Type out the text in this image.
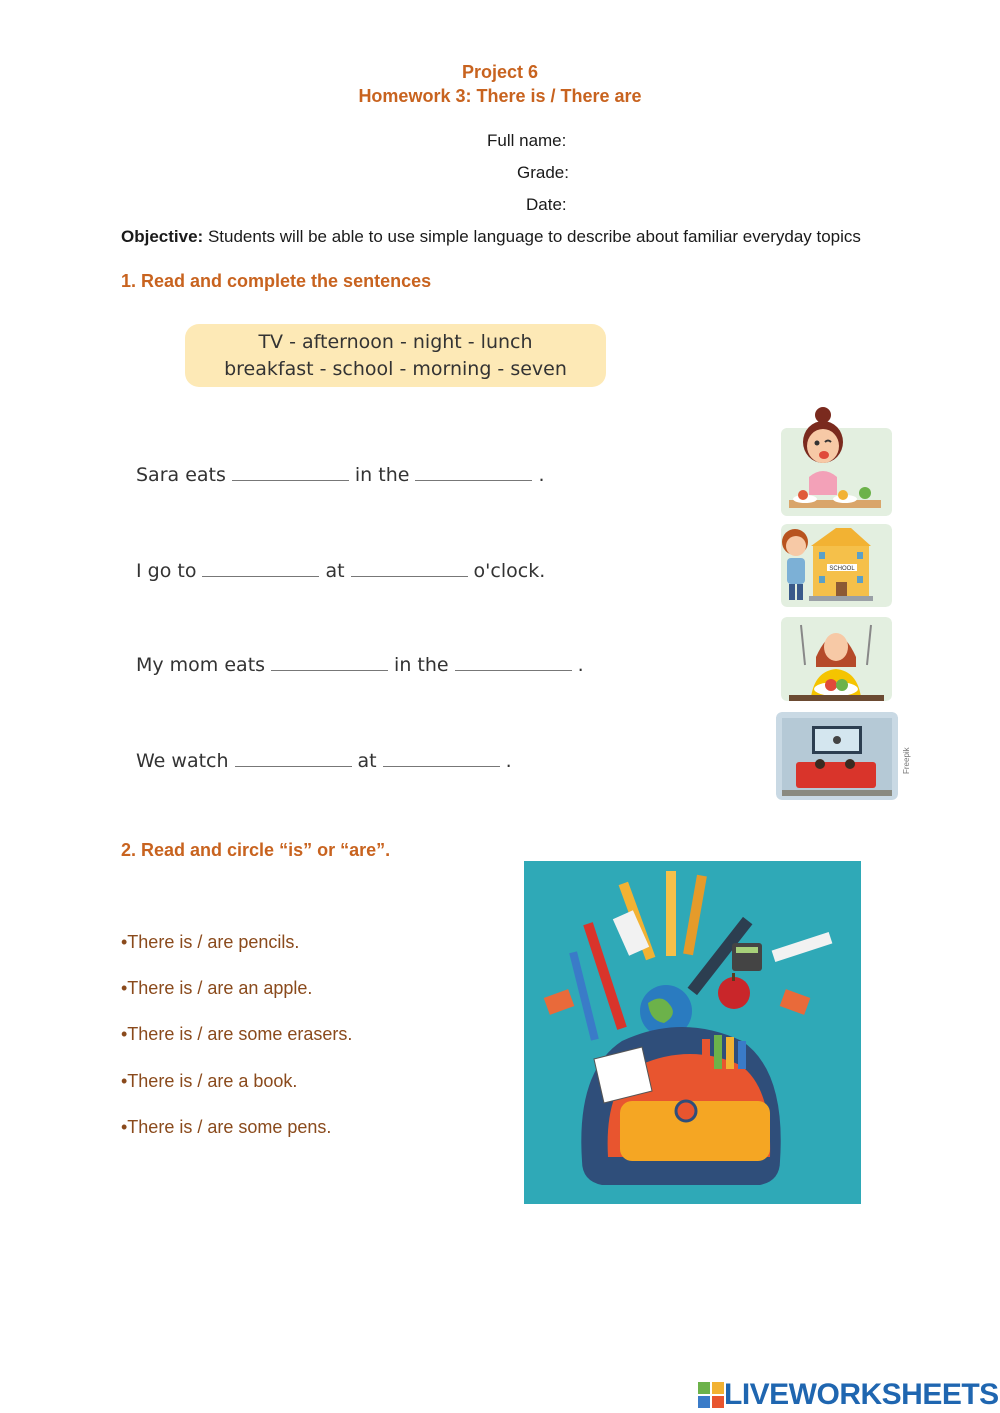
Project 6
Homework 3: There is / There are
Full name:
Grade:
Date:
Objective: Students will be able to use simple language to describe about familiar everyday topics
1. Read and complete the sentences
TV - afternoon - night - lunch
breakfast - school - morning - seven
Sara eats	in the	.
I go to	at	o'clock.
My mom eats	in the	.
We watch	at	.
SCHOOL
Freepik
2. Read and circle “is” or “are”.
•There is / are pencils.
•There is / are an apple.
•There is / are some erasers.
•There is / are a book.
•There is / are some pens.
LIVEWORKSHEETS
